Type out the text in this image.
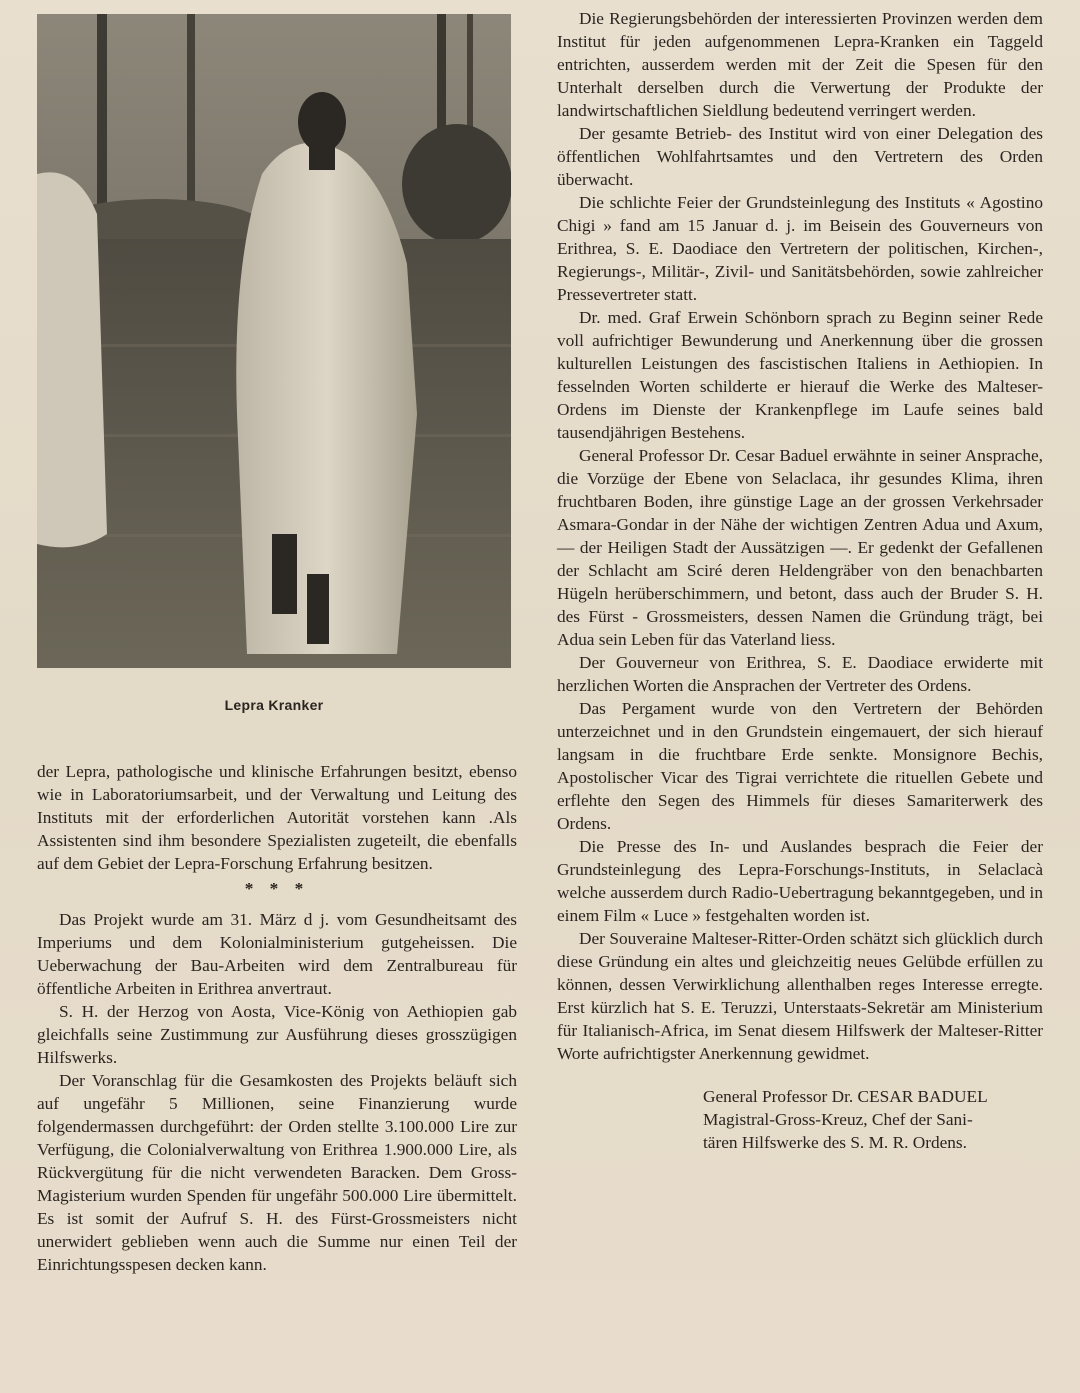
Lepra Kranker

der Lepra, pathologische und klinische Erfahrungen besitzt, ebenso wie in Laboratoriumsarbeit, und der Verwaltung und Leitung des Instituts mit der erforderlichen Autorität vorstehen kann .Als Assistenten sind ihm besondere Spezialisten zugeteilt, die ebenfalls auf dem Gebiet der Lepra-Forschung Erfahrung besitzen.

* * *

Das Projekt wurde am 31. März d j. vom Gesundheitsamt des Imperiums und dem Kolonialministerium gutgeheissen. Die Ueberwachung der Bau-Arbeiten wird dem Zentralbureau für öffentliche Arbeiten in Erithrea anvertraut.

S. H. der Herzog von Aosta, Vice-König von Aethiopien gab gleichfalls seine Zustimmung zur Ausführung dieses grosszügigen Hilfswerks.

Der Voranschlag für die Gesamkosten des Projekts beläuft sich auf ungefähr 5 Millionen, seine Finanzierung wurde folgendermassen durchgeführt: der Orden stellte 3.100.000 Lire zur Verfügung, die Colonialverwaltung von Erithrea 1.900.000 Lire, als Rückvergütung für die nicht verwendeten Baracken. Dem Gross-Magisterium wurden Spenden für ungefähr 500.000 Lire übermittelt. Es ist somit der Aufruf S. H. des Fürst-Grossmeisters nicht unerwidert geblieben wenn auch die Summe nur einen Teil der Einrichtungsspesen decken kann.

Die Regierungsbehörden der interessierten Provinzen werden dem Institut für jeden aufgenommenen Lepra-Kranken ein Taggeld entrichten, ausserdem werden mit der Zeit die Spesen für den Unterhalt derselben durch die Verwertung der Produkte der landwirtschaftlichen Sieldlung bedeutend verringert werden.

Der gesamte Betrieb- des Institut wird von einer Delegation des öffentlichen Wohlfahrtsamtes und den Vertretern des Orden überwacht.

Die schlichte Feier der Grundsteinlegung des Instituts « Agostino Chigi » fand am 15 Januar d. j. im Beisein des Gouverneurs von Erithrea, S. E. Daodiace den Vertretern der politischen, Kirchen-, Regierungs-, Militär-, Zivil- und Sanitätsbehörden, sowie zahlreicher Pressevertreter statt.

Dr. med. Graf Erwein Schönborn sprach zu Beginn seiner Rede voll aufrichtiger Bewunderung und Anerkennung über die grossen kulturellen Leistungen des fascistischen Italiens in Aethiopien. In fesselnden Worten schilderte er hierauf die Werke des Malteser-Ordens im Dienste der Krankenpflege im Laufe seines bald tausendjährigen Bestehens.

General Professor Dr. Cesar Baduel erwähnte in seiner Ansprache, die Vorzüge der Ebene von Selaclaca, ihr gesundes Klima, ihren fruchtbaren Boden, ihre günstige Lage an der grossen Verkehrsader Asmara-Gondar in der Nähe der wichtigen Zentren Adua und Axum, — der Heiligen Stadt der Aussätzigen —. Er gedenkt der Gefallenen der Schlacht am Sciré deren Heldengräber von den benachbarten Hügeln herüberschimmern, und betont, dass auch der Bruder S. H. des Fürst - Grossmeisters, dessen Namen die Gründung trägt, bei Adua sein Leben für das Vaterland liess.

Der Gouverneur von Erithrea, S. E. Daodiace erwiderte mit herzlichen Worten die Ansprachen der Vertreter des Ordens.

Das Pergament wurde von den Vertretern der Behörden unterzeichnet und in den Grundstein eingemauert, der sich hierauf langsam in die fruchtbare Erde senkte. Monsignore Bechis, Apostolischer Vicar des Tigrai verrichtete die rituellen Gebete und erflehte den Segen des Himmels für dieses Samariterwerk des Ordens.

Die Presse des In- und Auslandes besprach die Feier der Grundsteinlegung des Lepra-Forschungs-Instituts, in Selaclacà welche ausserdem durch Radio-Uebertragung bekanntgegeben, und in einem Film « Luce » festgehalten worden ist.

Der Souveraine Malteser-Ritter-Orden schätzt sich glücklich durch diese Gründung ein altes und gleichzeitig neues Gelübde erfüllen zu können, dessen Verwirklichung allenthalben reges Interesse erregte. Erst kürzlich hat S. E. Teruzzi, Unterstaats-Sekretär am Ministerium für Italianisch-Africa, im Senat diesem Hilfswerk der Malteser-Ritter Worte aufrichtigster Anerkennung gewidmet.

General Professor Dr. CESAR BADUEL
Magistral-Gross-Kreuz, Chef der Sani-
tären Hilfswerke des S. M. R. Ordens.
